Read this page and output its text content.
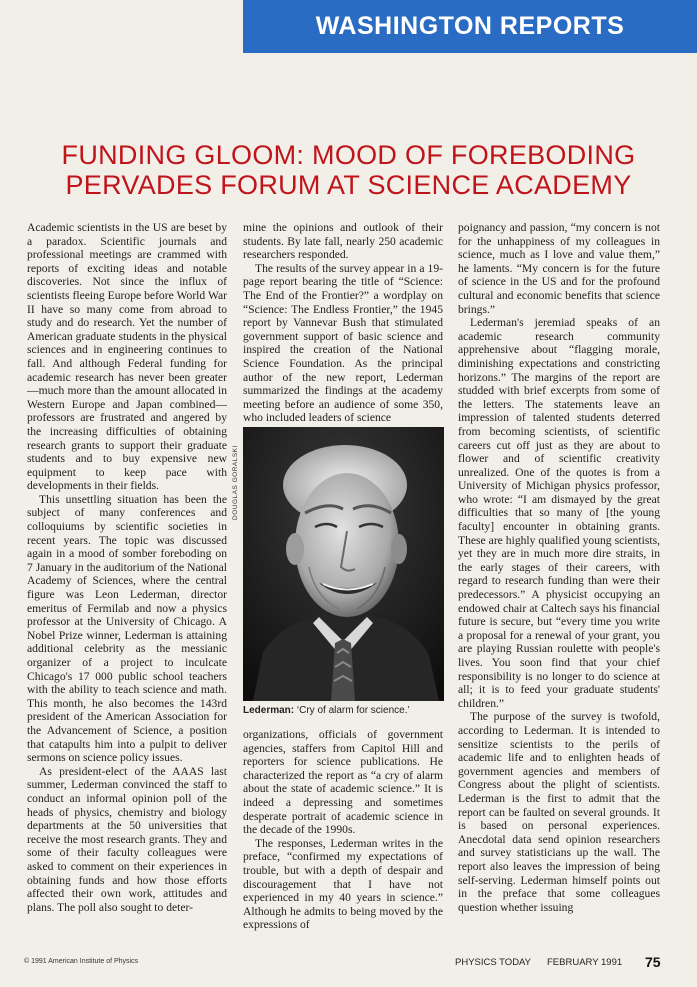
WASHINGTON REPORTS
FUNDING GLOOM: MOOD OF FOREBODING
PERVADES FORUM AT SCIENCE ACADEMY

Academic scientists in the US are beset by a paradox. Scientific journals and professional meetings are crammed with reports of exciting ideas and notable discoveries. Not since the influx of scientists fleeing Europe before World War II have so many come from abroad to study and do research. Yet the number of American graduate students in the physical sciences and in engineering continues to fall. And although Federal funding for academic research has never been greater—much more than the amount allocated in Western Europe and Japan combined—professors are frustrated and angered by the increasing difficulties of obtaining research grants to support their graduate students and to buy expensive new equipment to keep pace with developments in their fields.

This unsettling situation has been the subject of many conferences and colloquiums by scientific societies in recent years. The topic was discussed again in a mood of somber foreboding on 7 January in the auditorium of the National Academy of Sciences, where the central figure was Leon Lederman, director emeritus of Fermilab and now a physics professor at the University of Chicago. A Nobel Prize winner, Lederman is attaining additional celebrity as the messianic organizer of a project to inculcate Chicago's 17 000 public school teachers with the ability to teach science and math. This month, he also becomes the 143rd president of the American Association for the Advancement of Science, a position that catapults him into a pulpit to deliver sermons on science policy issues.

As president-elect of the AAAS last summer, Lederman convinced the staff to conduct an informal opinion poll of the heads of physics, chemistry and biology departments at the 50 universities that receive the most research grants. They and some of their faculty colleagues were asked to comment on their experiences in obtaining funds and how those efforts affected their own work, attitudes and plans. The poll also sought to deter-

mine the opinions and outlook of their students. By late fall, nearly 250 academic researchers responded.

The results of the survey appear in a 19-page report bearing the title of “Science: The End of the Frontier?” a wordplay on “Science: The Endless Frontier,” the 1945 report by Vannevar Bush that stimulated government support of basic science and inspired the creation of the National Science Foundation. As the principal author of the new report, Lederman summarized the findings at the academy meeting before an audience of some 350, who included leaders of science

DOUGLAS GORALSKI
Lederman: ‘Cry of alarm for science.’

organizations, officials of government agencies, staffers from Capitol Hill and reporters for science publications. He characterized the report as “a cry of alarm about the state of academic science.” It is indeed a depressing and sometimes desperate portrait of academic science in the decade of the 1990s.

The responses, Lederman writes in the preface, “confirmed my expectations of trouble, but with a depth of despair and discouragement that I have not experienced in my 40 years in science.” Although he admits to being moved by the expressions of

poignancy and passion, “my concern is not for the unhappiness of my colleagues in science, much as I love and value them,” he laments. “My concern is for the future of science in the US and for the profound cultural and economic benefits that science brings.”

Lederman's jeremiad speaks of an academic research community apprehensive about “flagging morale, diminishing expectations and constricting horizons.” The margins of the report are studded with brief excerpts from some of the letters. The statements leave an impression of talented students deterred from becoming scientists, of scientific careers cut off just as they are about to flower and of scientific creativity unrealized. One of the quotes is from a University of Michigan physics professor, who wrote: “I am dismayed by the great difficulties that so many of [the young faculty] encounter in obtaining grants. These are highly qualified young scientists, yet they are in much more dire straits, in the early stages of their careers, with regard to research funding than were their predecessors.” A physicist occupying an endowed chair at Caltech says his financial future is secure, but “every time you write a proposal for a renewal of your grant, you are playing Russian roulette with people's lives. You soon find that your chief responsibility is no longer to do science at all; it is to feed your graduate students' children.”

The purpose of the survey is twofold, according to Lederman. It is intended to sensitize scientists to the perils of academic life and to enlighten heads of government agencies and members of Congress about the plight of scientists. Lederman is the first to admit that the report can be faulted on several grounds. It is based on personal experiences. Anecdotal data send opinion researchers and survey statisticians up the wall. The report also leaves the impression of being self-serving. Lederman himself points out in the preface that some colleagues question whether issuing

© 1991 American Institute of Physics	PHYSICS TODAY FEBRUARY 1991 75
